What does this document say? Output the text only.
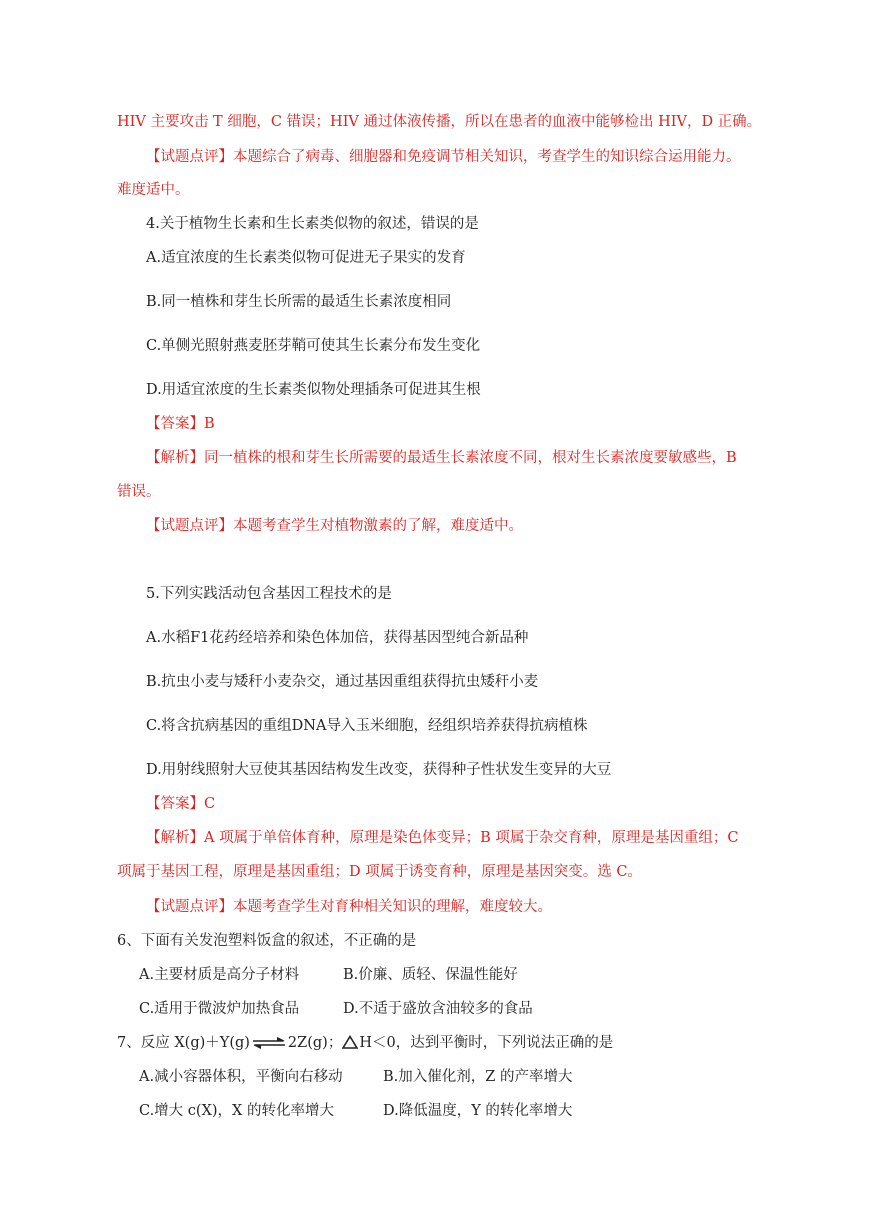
HIV 主要攻击 T 细胞，C 错误；HIV 通过体液传播，所以在患者的血液中能够检出 HIV，D 正确。
【试题点评】本题综合了病毒、细胞器和免疫调节相关知识，考查学生的知识综合运用能力。
难度适中。
4.关于植物生长素和生长素类似物的叙述，错误的是
A.适宜浓度的生长素类似物可促进无子果实的发育
B.同一植株和芽生长所需的最适生长素浓度相同
C.单侧光照射燕麦胚芽鞘可使其生长素分布发生变化
D.用适宜浓度的生长素类似物处理插条可促进其生根
【答案】B
【解析】同一植株的根和芽生长所需要的最适生长素浓度不同，根对生长素浓度要敏感些，B
错误。
【试题点评】本题考查学生对植物激素的了解，难度适中。
5.下列实践活动包含基因工程技术的是
A.水稻F1花药经培养和染色体加倍，获得基因型纯合新品种
B.抗虫小麦与矮秆小麦杂交，通过基因重组获得抗虫矮秆小麦
C.将含抗病基因的重组DNA导入玉米细胞，经组织培养获得抗病植株
D.用射线照射大豆使其基因结构发生改变，获得种子性状发生变异的大豆
【答案】C
【解析】A 项属于单倍体育种，原理是染色体变异；B 项属于杂交育种，原理是基因重组；C
项属于基因工程，原理是基因重组；D 项属于诱变育种，原理是基因突变。选 C。
【试题点评】本题考查学生对育种相关知识的理解，难度较大。
6、下面有关发泡塑料饭盒的叙述，不正确的是
A.主要材质是高分子材料	B.价廉、质轻、保温性能好
C.适用于微波炉加热食品	D.不适于盛放含油较多的食品
7、反应 X(g)＋Y(g) ⇌ 2Z(g)； H＜0，达到平衡时，下列说法正确的是
A.减小容器体积，平衡向右移动	B.加入催化剂，Z 的产率增大
C.增大 c(X)，X 的转化率增大	D.降低温度，Y 的转化率增大
